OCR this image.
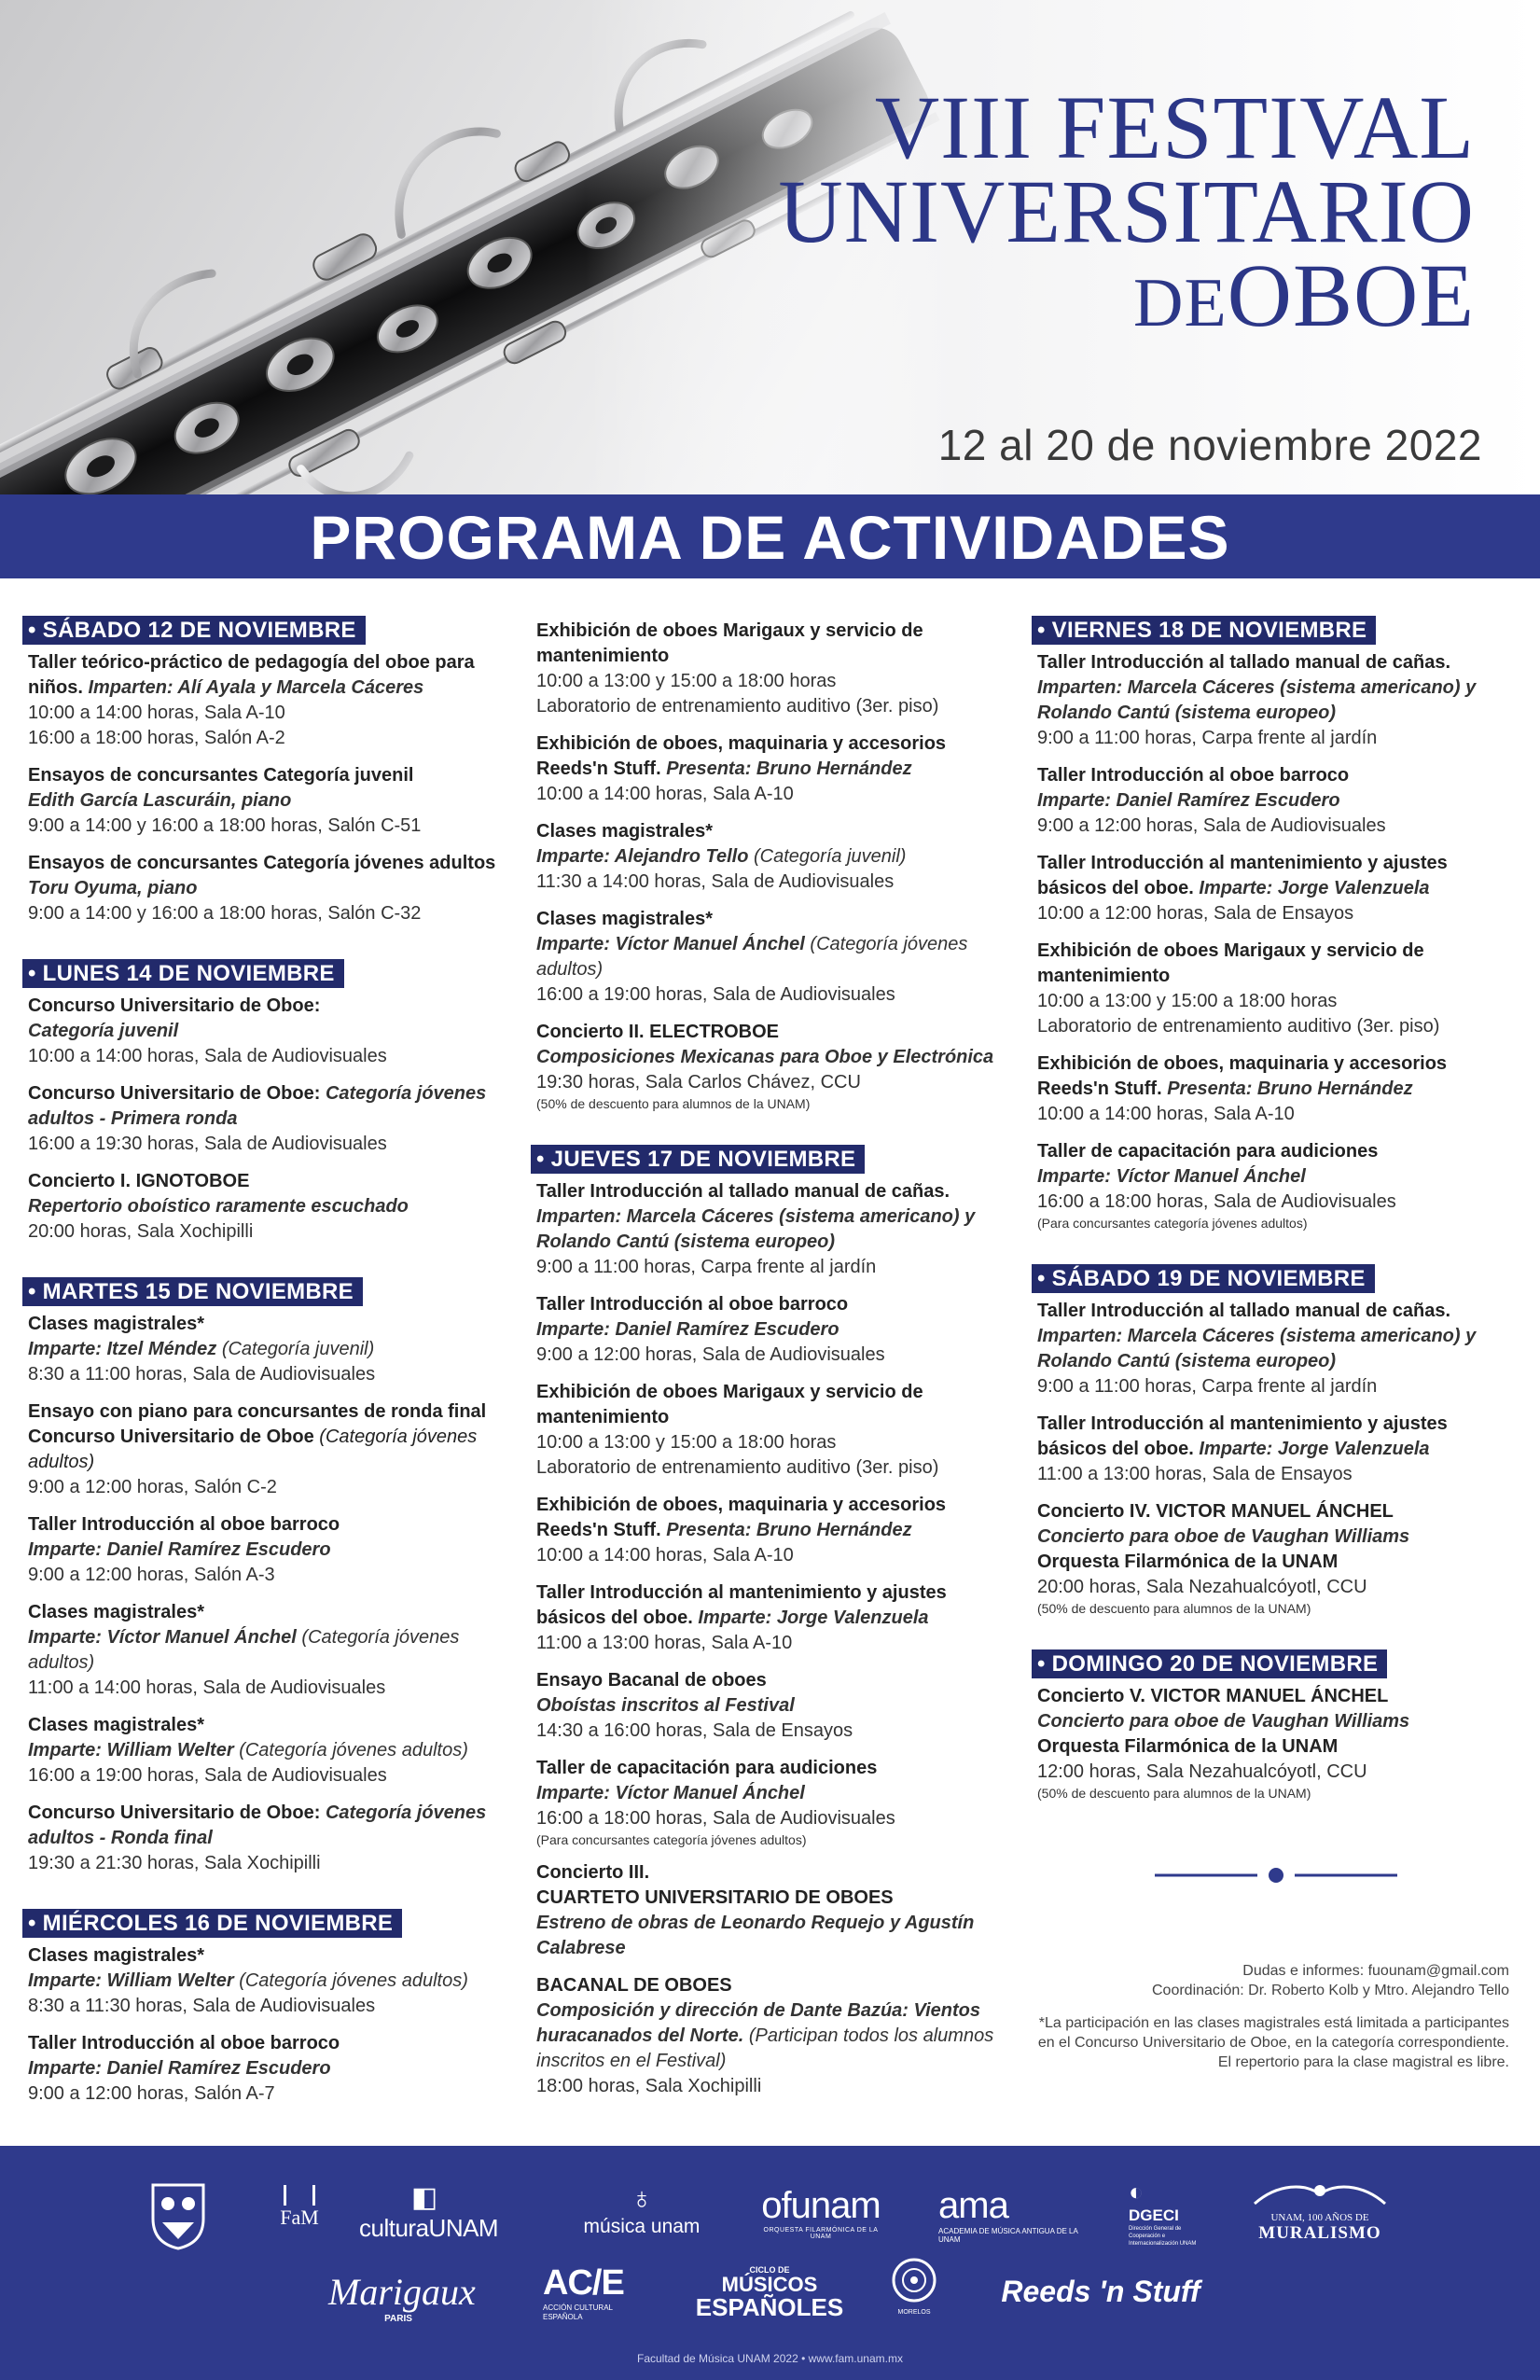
VIII FESTIVAL
UNIVERSITARIO
DEOBOE
12 al 20 de noviembre 2022
PROGRAMA DE ACTIVIDADES
• SÁBADO 12 DE NOVIEMBRE

Taller teórico-práctico de pedagogía del oboe para niños. Imparten: Alí Ayala y Marcela Cáceres
10:00 a 14:00 horas, Sala A-10
16:00 a 18:00 horas, Salón A-2
Ensayos de concursantes Categoría juvenil
Edith García Lascuráin, piano
9:00 a 14:00 y 16:00 a 18:00 horas, Salón C-51
Ensayos de concursantes Categoría jóvenes adultos
Toru Oyuma, piano
9:00 a 14:00 y 16:00 a 18:00 horas, Salón C-32
• LUNES 14 DE NOVIEMBRE

Concurso Universitario de Oboe:
Categoría juvenil
10:00 a 14:00 horas, Sala de Audiovisuales
Concurso Universitario de Oboe: Categoría jóvenes adultos - Primera ronda
16:00 a 19:30 horas, Sala de Audiovisuales
Concierto I. IGNOTOBOE
Repertorio oboístico raramente escuchado
20:00 horas, Sala Xochipilli
• MARTES 15 DE NOVIEMBRE

Clases magistrales*
Imparte: Itzel Méndez (Categoría juvenil)
8:30 a 11:00 horas, Sala de Audiovisuales
Ensayo con piano para concursantes de ronda final Concurso Universitario de Oboe (Categoría jóvenes adultos)
9:00 a 12:00 horas, Salón C-2
Taller Introducción al oboe barroco
Imparte: Daniel Ramírez Escudero
9:00 a 12:00 horas, Salón A-3
Clases magistrales*
Imparte: Víctor Manuel Ánchel (Categoría jóvenes adultos)
11:00 a 14:00 horas, Sala de Audiovisuales
Clases magistrales*
Imparte: William Welter (Categoría jóvenes adultos)
16:00 a 19:00 horas, Sala de Audiovisuales
Concurso Universitario de Oboe: Categoría jóvenes adultos - Ronda final
19:30 a 21:30 horas, Sala Xochipilli
• MIÉRCOLES 16 DE NOVIEMBRE

Clases magistrales*
Imparte: William Welter (Categoría jóvenes adultos)
8:30 a 11:30 horas, Sala de Audiovisuales
Taller Introducción al oboe barroco
Imparte: Daniel Ramírez Escudero
9:00 a 12:00 horas, Salón A-7
Exhibición de oboes Marigaux y servicio de mantenimiento
10:00 a 13:00 y 15:00 a 18:00 horas
Laboratorio de entrenamiento auditivo (3er. piso)
Exhibición de oboes, maquinaria y accesorios Reeds'n Stuff. Presenta: Bruno Hernández
10:00 a 14:00 horas, Sala A-10
Clases magistrales*
Imparte: Alejandro Tello (Categoría juvenil)
11:30 a 14:00 horas, Sala de Audiovisuales
Clases magistrales*
Imparte: Víctor Manuel Ánchel (Categoría jóvenes adultos)
16:00 a 19:00 horas, Sala de Audiovisuales
Concierto II. ELECTROBOE
Composiciones Mexicanas para Oboe y Electrónica
19:30 horas, Sala Carlos Chávez, CCU
(50% de descuento para alumnos de la UNAM)
• JUEVES 17 DE NOVIEMBRE

Taller Introducción al tallado manual de cañas.
Imparten: Marcela Cáceres (sistema americano) y Rolando Cantú (sistema europeo)
9:00 a 11:00 horas, Carpa frente al jardín
Taller Introducción al oboe barroco
Imparte: Daniel Ramírez Escudero
9:00 a 12:00 horas, Sala de Audiovisuales
Exhibición de oboes Marigaux y servicio de mantenimiento
10:00 a 13:00 y 15:00 a 18:00 horas
Laboratorio de entrenamiento auditivo (3er. piso)
Exhibición de oboes, maquinaria y accesorios Reeds'n Stuff. Presenta: Bruno Hernández
10:00 a 14:00 horas, Sala A-10
Taller Introducción al mantenimiento y ajustes básicos del oboe. Imparte: Jorge Valenzuela
11:00 a 13:00 horas, Sala A-10
Ensayo Bacanal de oboes
Oboístas inscritos al Festival
14:30 a 16:00 horas, Sala de Ensayos
Taller de capacitación para audiciones
Imparte: Víctor Manuel Ánchel
16:00 a 18:00 horas, Sala de Audiovisuales
(Para concursantes categoría jóvenes adultos)
Concierto III.
CUARTETO UNIVERSITARIO DE OBOES
Estreno de obras de Leonardo Requejo y Agustín Calabrese
BACANAL DE OBOES
Composición y dirección de Dante Bazúa: Vientos huracanados del Norte. (Participan todos los alumnos inscritos en el Festival)
18:00 horas, Sala Xochipilli
• VIERNES 18 DE NOVIEMBRE

Taller Introducción al tallado manual de cañas.
Imparten: Marcela Cáceres (sistema americano) y Rolando Cantú (sistema europeo)
9:00 a 11:00 horas, Carpa frente al jardín
Taller Introducción al oboe barroco
Imparte: Daniel Ramírez Escudero
9:00 a 12:00 horas, Sala de Audiovisuales
Taller Introducción al mantenimiento y ajustes básicos del oboe. Imparte: Jorge Valenzuela
10:00 a 12:00 horas, Sala de Ensayos
Exhibición de oboes Marigaux y servicio de mantenimiento
10:00 a 13:00 y 15:00 a 18:00 horas
Laboratorio de entrenamiento auditivo (3er. piso)
Exhibición de oboes, maquinaria y accesorios Reeds'n Stuff. Presenta: Bruno Hernández
10:00 a 14:00 horas, Sala A-10
Taller de capacitación para audiciones
Imparte: Víctor Manuel Ánchel
16:00 a 18:00 horas, Sala de Audiovisuales
(Para concursantes categoría jóvenes adultos)
• SÁBADO 19 DE NOVIEMBRE

Taller Introducción al tallado manual de cañas.
Imparten: Marcela Cáceres (sistema americano) y Rolando Cantú (sistema europeo)
9:00 a 11:00 horas, Carpa frente al jardín
Taller Introducción al mantenimiento y ajustes básicos del oboe. Imparte: Jorge Valenzuela
11:00 a 13:00 horas, Sala de Ensayos
Concierto IV. VICTOR MANUEL ÁNCHEL
Concierto para oboe de Vaughan Williams
Orquesta Filarmónica de la UNAM
20:00 horas, Sala Nezahualcóyotl, CCU
(50% de descuento para alumnos de la UNAM)
• DOMINGO 20 DE NOVIEMBRE

Concierto V. VICTOR MANUEL ÁNCHEL
Concierto para oboe de Vaughan Williams
Orquesta Filarmónica de la UNAM
12:00 horas, Sala Nezahualcóyotl, CCU
(50% de descuento para alumnos de la UNAM)

Dudas e informes: fuounam@gmail.com
Coordinación: Dr. Roberto Kolb y Mtro. Alejandro Tello

*La participación en las clases magistrales está limitada a participantes en el Concurso Universitario de Oboe, en la categoría correspondiente. El repertorio para la clase magistral es libre.

FaM
◧
culturaUNAM
♁
música unam
ofunam
ORQUESTA FILARMÓNICA DE LA UNAM
ama
ACADEMIA DE MÚSICA ANTIGUA DE LA UNAM
◐
DGECI
Dirección General de Cooperación e Internacionalización UNAM
UNAM, 100 AÑOS DE
MURALISMO
Marigaux
PARIS
AC/E
ACCIÓN CULTURAL ESPAÑOLA
CICLO DE
MÚSICOS
ESPAÑOLES	MORELOS
Reeds 'n Stuff
Facultad de Música UNAM 2022 • www.fam.unam.mx
